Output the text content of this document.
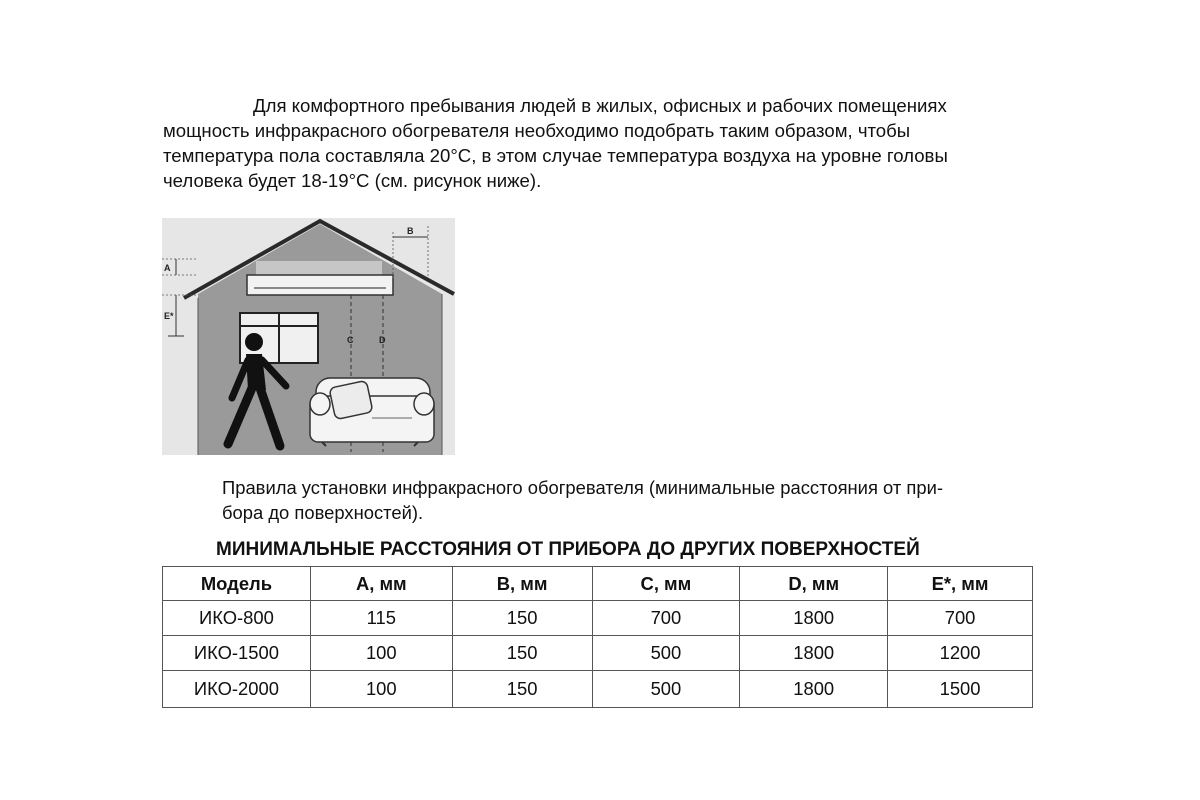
Для комфортного пребывания людей в жилых, офисных и рабочих помещениях
мощность инфракрасного обогревателя необходимо подобрать таким образом, чтобы
температура пола составляла 20°С, в этом случае температура воздуха на уровне головы
человека будет 18-19°С (см. рисунок ниже).

A
E*
B
C	D

Правила установки инфракрасного обогревателя (минимальные расстояния от при-
бора до поверхностей).

МИНИМАЛЬНЫЕ РАССТОЯНИЯ ОТ ПРИБОРА ДО ДРУГИХ ПОВЕРХНОСТЕЙ

Модель	A, мм	B, мм	C, мм	D, мм	E*, мм
ИКО-800	115	150	700	1800	700
ИКО-1500	100	150	500	1800	1200
ИКО-2000	100	150	500	1800	1500
